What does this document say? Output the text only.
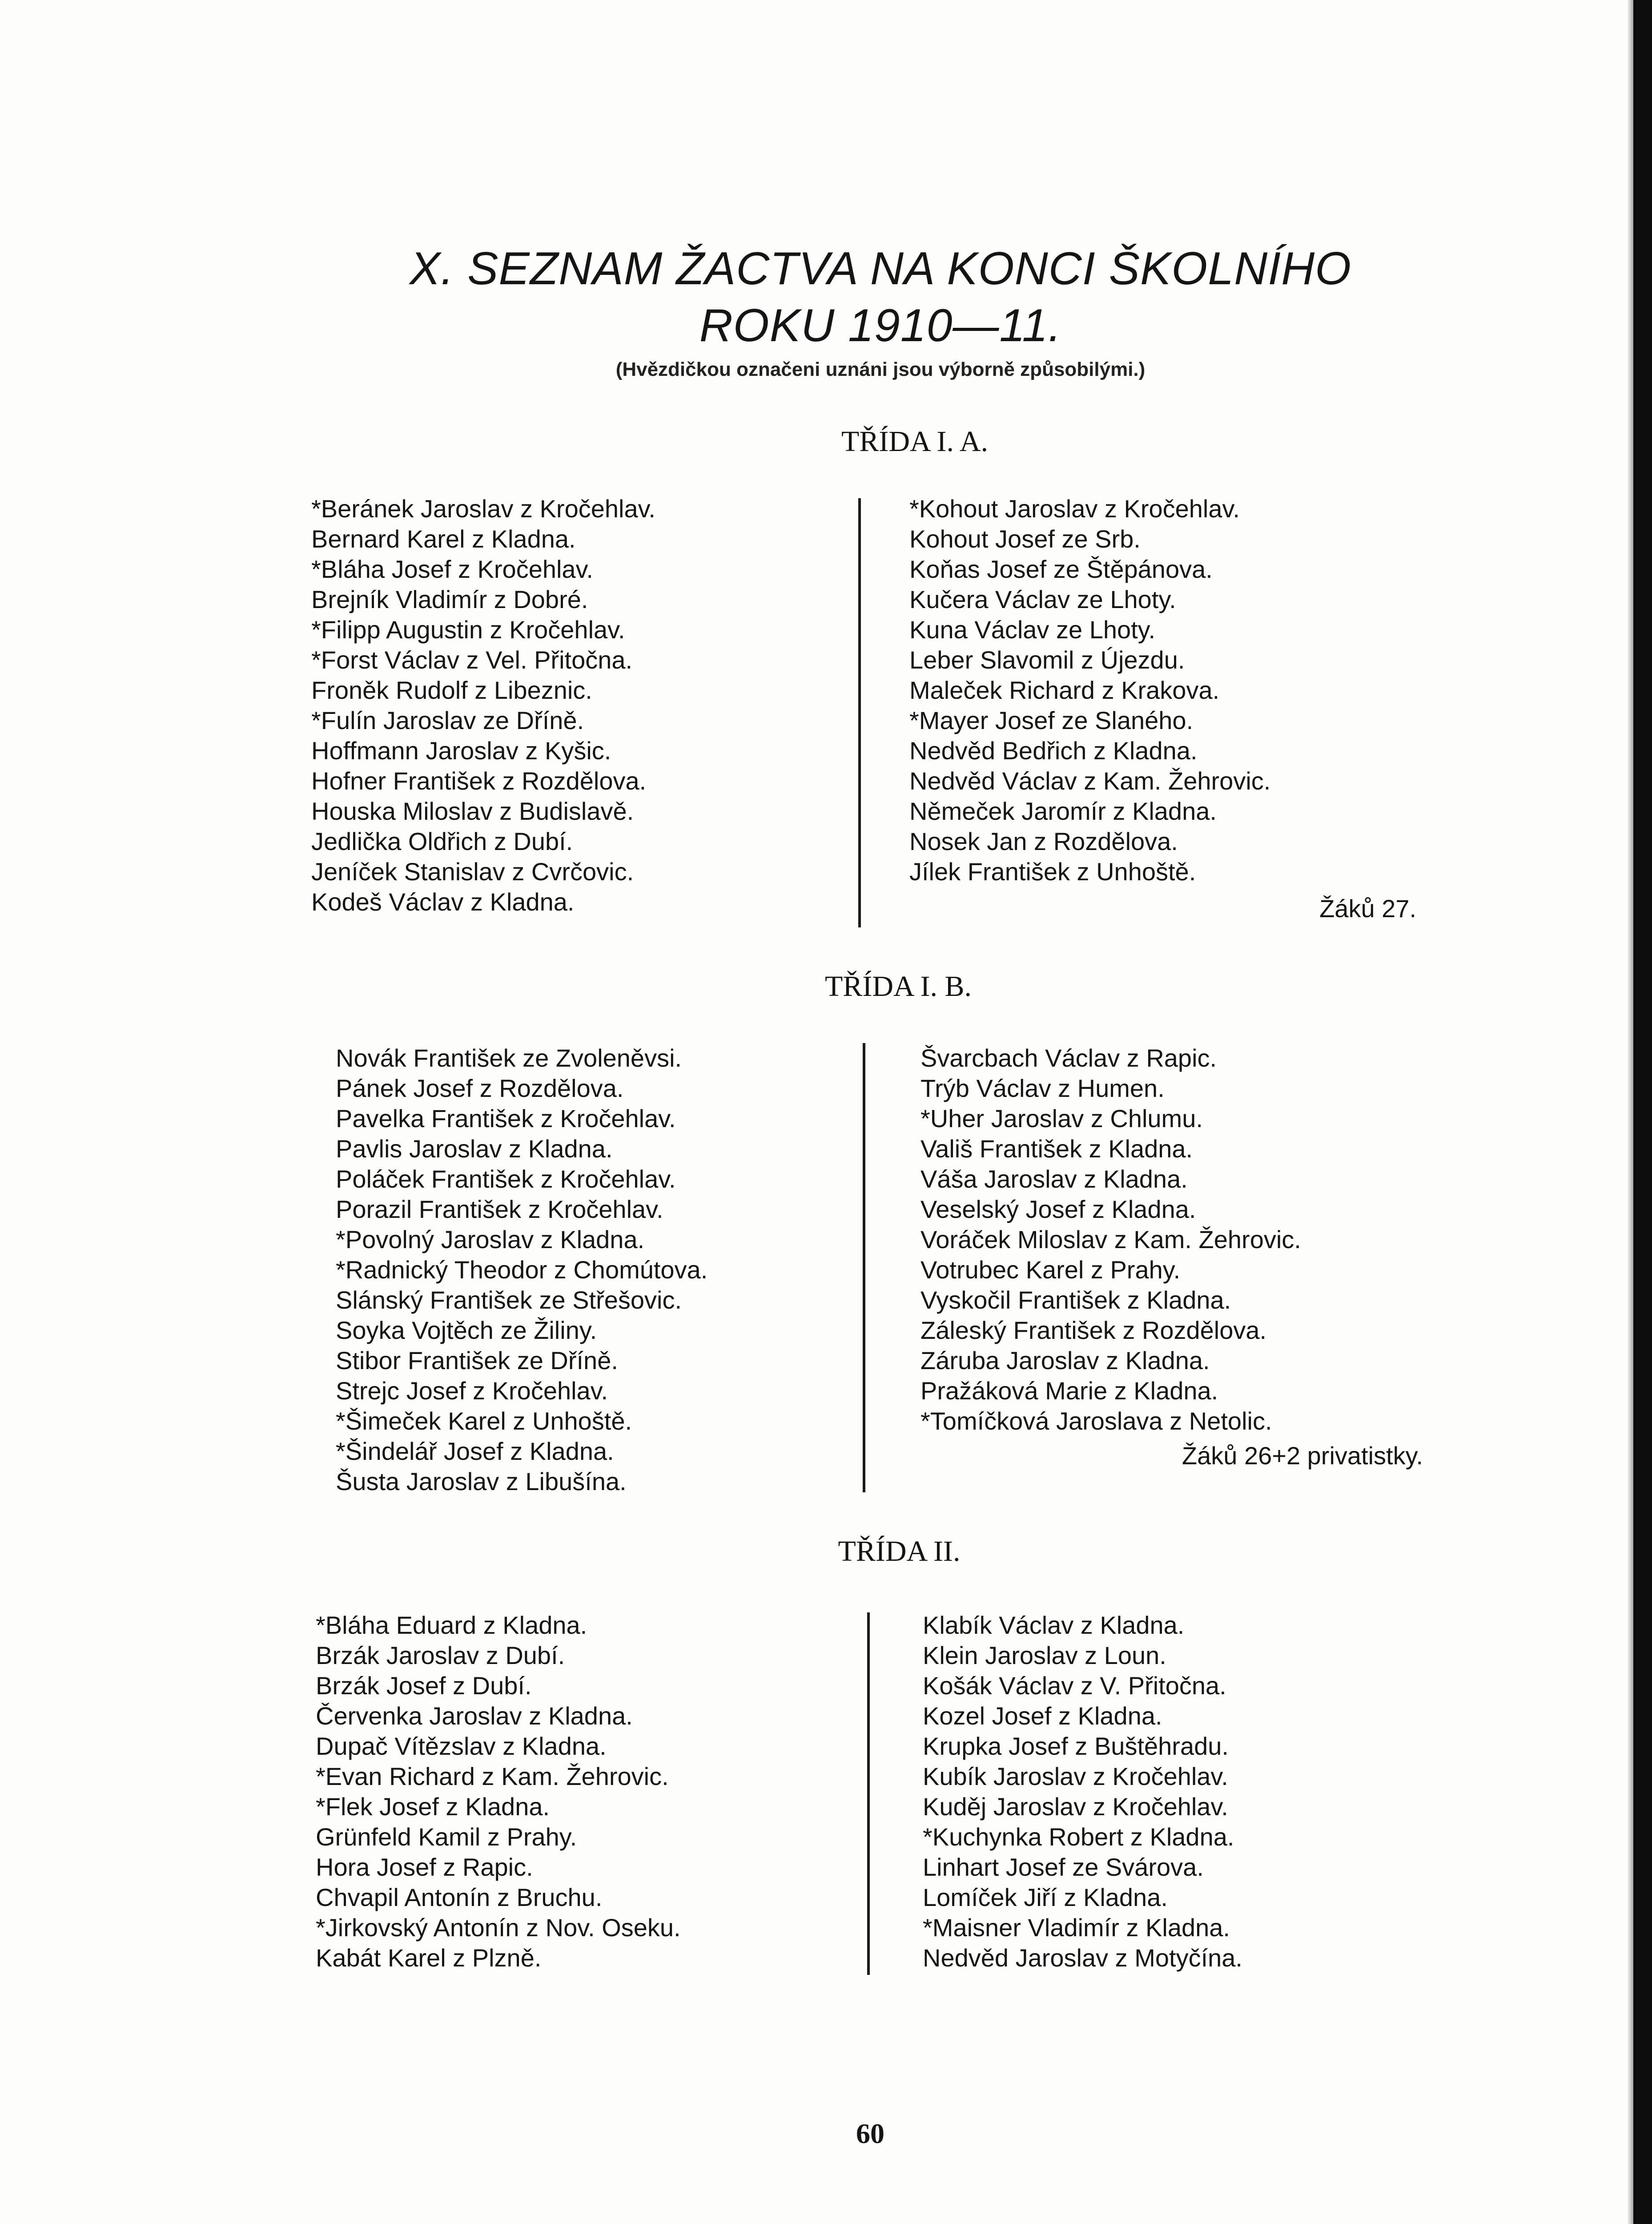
X. SEZNAM ŽACTVA NA KONCI ŠKOLNÍHO
ROKU 1910—11.
(Hvězdičkou označeni uznáni jsou výborně způsobilými.)
TŘÍDA I. A.
*Beránek Jaroslav z Kročehlav.
Bernard Karel z Kladna.
*Bláha Josef z Kročehlav.
Brejník Vladimír z Dobré.
*Filipp Augustin z Kročehlav.
*Forst Václav z Vel. Přitočna.
Froněk Rudolf z Libeznic.
*Fulín Jaroslav ze Dříně.
Hoffmann Jaroslav z Kyšic.
Hofner František z Rozdělova.
Houska Miloslav z Budislavě.
Jedlička Oldřich z Dubí.
Jeníček Stanislav z Cvrčovic.
Kodeš Václav z Kladna.
*Kohout Jaroslav z Kročehlav.
Kohout Josef ze Srb.
Koňas Josef ze Štěpánova.
Kučera Václav ze Lhoty.
Kuna Václav ze Lhoty.
Leber Slavomil z Újezdu.
Maleček Richard z Krakova.
*Mayer Josef ze Slaného.
Nedvěd Bedřich z Kladna.
Nedvěd Václav z Kam. Žehrovic.
Němeček Jaromír z Kladna.
Nosek Jan z Rozdělova.
Jílek František z Unhoště.
Žáků 27.
TŘÍDA I. B.
Novák František ze Zvoleněvsi.
Pánek Josef z Rozdělova.
Pavelka František z Kročehlav.
Pavlis Jaroslav z Kladna.
Poláček František z Kročehlav.
Porazil František z Kročehlav.
*Povolný Jaroslav z Kladna.
*Radnický Theodor z Chomútova.
Slánský František ze Střešovic.
Soyka Vojtěch ze Žiliny.
Stibor František ze Dříně.
Strejc Josef z Kročehlav.
*Šimeček Karel z Unhoště.
*Šindelář Josef z Kladna.
Šusta Jaroslav z Libušína.
Švarcbach Václav z Rapic.
Trýb Václav z Humen.
*Uher Jaroslav z Chlumu.
Vališ František z Kladna.
Váša Jaroslav z Kladna.
Veselský Josef z Kladna.
Voráček Miloslav z Kam. Žehrovic.
Votrubec Karel z Prahy.
Vyskočil František z Kladna.
Záleský František z Rozdělova.
Záruba Jaroslav z Kladna.
Pražáková Marie z Kladna.
*Tomíčková Jaroslava z Netolic.
Žáků 26+2 privatistky.
TŘÍDA II.
*Bláha Eduard z Kladna.
Brzák Jaroslav z Dubí.
Brzák Josef z Dubí.
Červenka Jaroslav z Kladna.
Dupač Vítězslav z Kladna.
*Evan Richard z Kam. Žehrovic.
*Flek Josef z Kladna.
Grünfeld Kamil z Prahy.
Hora Josef z Rapic.
Chvapil Antonín z Bruchu.
*Jirkovský Antonín z Nov. Oseku.
Kabát Karel z Plzně.
Klabík Václav z Kladna.
Klein Jaroslav z Loun.
Košák Václav z V. Přitočna.
Kozel Josef z Kladna.
Krupka Josef z Buštěhradu.
Kubík Jaroslav z Kročehlav.
Kuděj Jaroslav z Kročehlav.
*Kuchynka Robert z Kladna.
Linhart Josef ze Svárova.
Lomíček Jiří z Kladna.
*Maisner Vladimír z Kladna.
Nedvěd Jaroslav z Motyčína.
60
